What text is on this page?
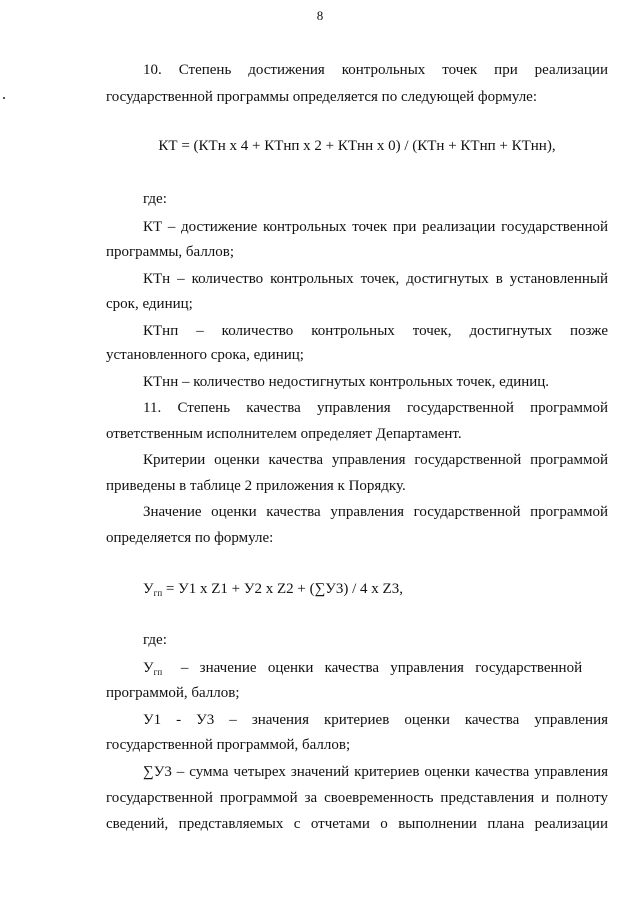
8
10. Степень достижения контрольных точек при реализации
государственной программы определяется по следующей формуле:
КТ = (КТн х 4 + КТнп х 2 + КТнн х 0) / (КТн + КТнп + КТнн),
где:
КТ – достижение контрольных точек при реализации государственной
программы, баллов;
КТн – количество контрольных точек, достигнутых в установленный
срок, единиц;
КТнп – количество контрольных точек, достигнутых позже
установленного срока, единиц;
КТнн – количество недостигнутых контрольных точек, единиц.
11. Степень качества управления государственной программой
ответственным исполнителем определяет Департамент.
Критерии оценки качества управления государственной программой
приведены в таблице 2 приложения к Порядку.
Значение оценки качества управления государственной программой
определяется по формуле:
$У_{гп} = У1$ х Z1 + У2 х Z2 + (∑У3) / 4 х Z3,
где:
$У_{гп}$     –   значение   оценки   качества   управления   государственной
программой, баллов;
У1 - У3 – значения критериев оценки качества управления
государственной программой, баллов;
∑У3 – сумма четырех значений критериев оценки качества управления
государственной программой за своевременность представления и полноту
сведений, представляемых с отчетами о выполнении плана реализации
